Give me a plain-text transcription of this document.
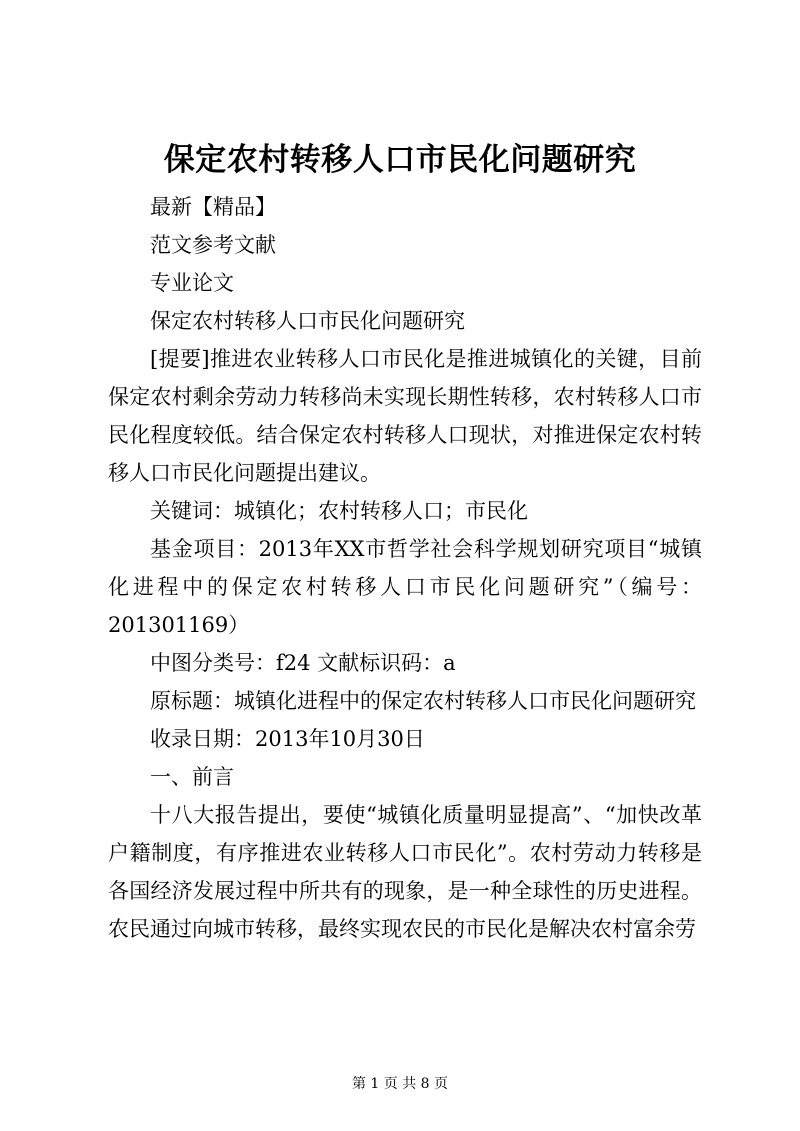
保定农村转移人口市民化问题研究

最新【精品】

范文参考文献

专业论文

保定农村转移人口市民化问题研究

[提要]推进农业转移人口市民化是推进城镇化的关键，目前保定农村剩余劳动力转移尚未实现长期性转移，农村转移人口市民化程度较低。结合保定农村转移人口现状，对推进保定农村转移人口市民化问题提出建议。

关键词：城镇化；农村转移人口；市民化

基金项目：2013年XX市哲学社会科学规划研究项目“城镇化进程中的保定农村转移人口市民化问题研究”（编号：201301169）

中图分类号：f24 文献标识码：a

原标题：城镇化进程中的保定农村转移人口市民化问题研究

收录日期：2013年10月30日

一、前言

十八大报告提出，要使“城镇化质量明显提高”、“加快改革户籍制度，有序推进农业转移人口市民化”。农村劳动力转移是各国经济发展过程中所共有的现象，是一种全球性的历史进程。农民通过向城市转移，最终实现农民的市民化是解决农村富余劳

第 1 页 共 8 页
